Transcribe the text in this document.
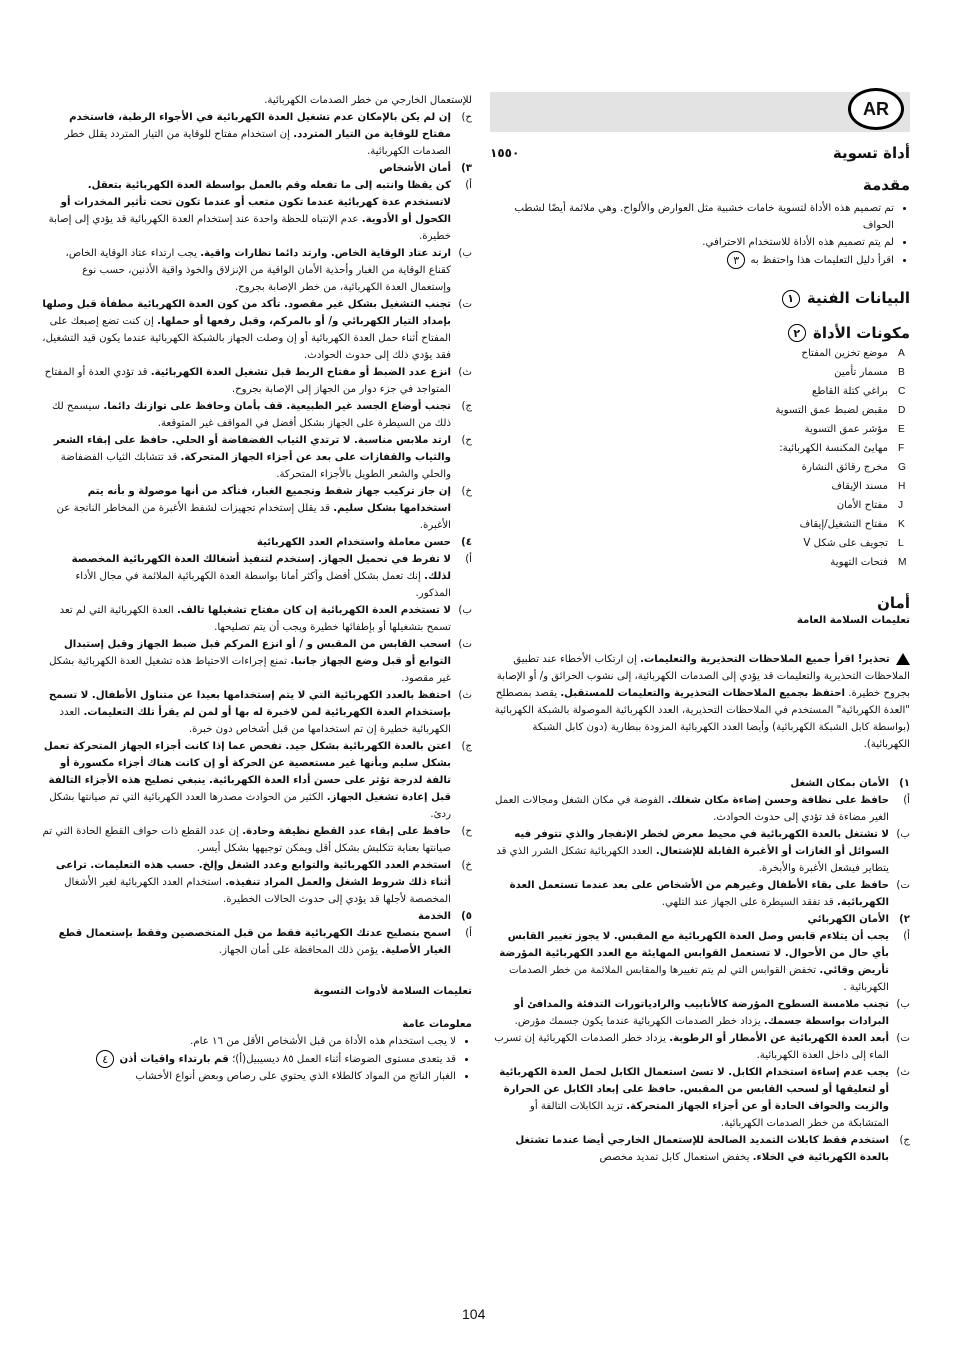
AR
أداة تسوية
١٥٥٠
مقدمة
• تم تصميم هذه الأداة لتسوية خامات خشبية مثل العوارض والألواح. وهي ملائمة أيضًا لشطب الحواف
• لم يتم تصميم هذه الأداة للاستخدام الاحترافي.
• اقرأ دليل التعليمات هذا واحتفظ به ٣
البيانات الفنية ١
مكونات الأداة ٢
A
موضع تخزين المفتاح
B
مسمار تأمين
C
براغي كتلة القاطع
D
مقبض لضبط عمق التسوية
E
مؤشر عمق التسوية
F
مهايئ المكنسة الكهربائية:
G
مخرج رقائق النشارة
H
مسند الإيقاف
J
مفتاح الأمان
K
مفتاح التشغيل/إيقاف
L
تجويف على شكل V
M
فتحات التهوية
أمان
تعليمات السلامة العامة
تحذير! اقرأ جميع الملاحظات التحذيرية والتعليمات. إن ارتكاب الأخطاء عند تطبيق الملاحظات التحذيرية والتعليمات قد يؤدي إلى الصدمات الكهربائية، إلى نشوب الحرائق و/ أو الإصابة بجروح خطيرة. احتفظ بجميع الملاحظات التحذيرية والتعليمات للمستقبل. يقصد بمصطلح "العدة الكهربائية" المستخدم في الملاحظات التحذيرية، العدد الكهربائية الموصولة بالشبكة الكهربائية (بواسطة كابل الشبكة الكهربائية) وأيضا العدد الكهربائية المزودة ببطارية (دون كابل الشبكة الكهربائية).
١)
الأمان بمكان الشغل
أ)
حافظ على نظافة وحسن إضاءة مكان شغلك. الفوضة في مكان الشغل ومجالات العمل الغير مضاءة قد تؤدي إلى حدوث الحوادث.
ب)
لا تشتغل بالعدة الكهربائية في محيط معرض لخطر الإنفجار والذي تتوفر فيه السوائل أو الغازات أو الأغبرة القابلة للإشتعال. العدد الكهربائية تشكل الشرر الذي قد يتطاير فيشعل الأغبرة والأبخرة.
ت)
حافظ على بقاء الأطفال وغيرهم من الأشخاص على بعد عندما تستعمل العدة الكهربائية. قد تفقد السيطرة على الجهاز عند التلهي.
٢)
الأمان الكهربائي
أ)
يجب أن يتلاءم قابس وصل العدة الكهربائية مع المقبس. لا يجوز تغيير القابس بأي حال من الأحوال. لا تستعمل القوابس المهايئة مع العدد الكهربائية المؤرضة تأريض وقائي. تخفض القوابس التي لم يتم تغييرها والمقابس الملائمة من خطر الصدمات الكهربائية .
ب)
تجنب ملامسة السطوح المؤرضة كالأنابيب والرادياتورات التدفئة والمدافئ أو البرادات بواسطة جسمك. يزداد خطر الصدمات الكهربائية عندما يكون جسمك مؤرض.
ت)
أبعد العدة الكهربائية عن الأمطار أو الرطوبة. يزداد خطر الصدمات الكهربائية إن تسرب الماء إلى داخل العدة الكهربائية.
ث)
يجب عدم إساءة استخدام الكابل. لا تسئ استعمال الكابل لحمل العدة الكهربائية أو لتعليقها أو لسحب القابس من المقبس. حافظ على إبعاد الكابل عن الحرارة والزيت والحواف الحادة أو عن أجزاء الجهاز المتحركة. تزيد الكابلات التالفة أو المتشابكة من خطر الصدمات الكهربائية.
ج)
استخدم فقط كابلات التمديد الصالحة للإستعمال الخارجي أيضا عندما تشتغل بالعدة الكهربائية في الخلاء. يخفض استعمال كابل تمديد مخصص
للإستعمال الخارجي من خطر الصدمات الكهربائية.
ح)
إن لم يكن بالإمكان عدم تشغيل العدة الكهربائية في الأجواء الرطبة، فاستخدم مفتاح للوقاية من التيار المتردد. إن استخدام مفتاح للوقاية من التيار المتردد يقلل خطر الصدمات الكهربائية.
٣)
أمان الأشخاص
أ)
كن يقظا وانتبه إلى ما تفعله وقم بالعمل بواسطة العدة الكهربائية بتعقل. لاتستخدم عدة كهربائية عندما تكون متعب أو عندما تكون تحت تأثير المخدرات أو الكحول أو الأدوية. عدم الإنتباه للحظة واحدة عند إستخدام العدة الكهربائية قد يؤدي إلى إصابة خطيرة.
ب)
ارتد عتاد الوقاية الخاص. وارتد دائما نظارات واقية. يجب ارتداء عتاد الوقاية الخاص، كقناع الوقاية من الغبار وأحذية الأمان الواقية من الإنزلاق والخوذ واقية الأذنين، حسب نوع وإستعمال العدة الكهربائية، من خطر الإصابة بجروح.
ت)
تجنب التشغيل بشكل غير مقصود. تأكد من كون العدة الكهربائية مطفأة قبل وصلها بإمداد التيار الكهربائي و/ أو بالمركم، وقبل رفعها أو حملها. إن كنت تضع إصبعك على المفتاح أثناء حمل العدة الكهربائية أو إن وصلت الجهاز بالشبكة الكهربائية عندما يكون قيد التشغيل، فقد يؤدي ذلك إلى حدوث الحوادث.
ث)
انزع عدد الضبط أو مفتاح الربط قبل تشغيل العدة الكهربائية. قد تؤدي العدة أو المفتاح المتواجد في جزء دوار من الجهاز إلى الإصابة بجروح.
ج)
تجنب أوضاع الجسد غير الطبيعية. قف بأمان وحافظ على توازنك دائما. سيسمح لك ذلك من السيطرة على الجهاز بشكل أفضل في المواقف غير المتوقعة.
ح)
ارتد ملابس مناسبة. لا ترتدي الثياب الفضفاضة أو الحلي. حافظ على إبقاء الشعر والثياب والقفازات على بعد عن أجزاء الجهاز المتحركة. قد تتشابك الثياب الفضفاضة والحلي والشعر الطويل بالأجزاء المتحركة.
خ)
إن جاز تركيب جهاز شفط وتجميع الغبار، فتأكد من أنها موصولة و بأنه يتم استخدامها بشكل سليم. قد يقلل إستخدام تجهيزات لشفط الأغبرة من المخاطر الناتجة عن الأغبرة.
٤)
حسن معاملة واستخدام العدد الكهربائية
أ)
لا تفرط في تحميل الجهاز. إستخدم لتنفيذ أشغالك العدة الكهربائية المخصصة لذلك. إنك تعمل بشكل أفضل وأكثر أمانا بواسطة العدة الكهربائية الملائمة في مجال الأداء المذكور.
ب)
لا تستخدم العدة الكهربائية إن كان مفتاح تشغيلها تالف. العدة الكهربائية التي لم تعد تسمح بتشغيلها أو بإطفائها خطيرة ويجب أن يتم تصليحها.
ت)
اسحب القابس من المقبس و / أو انزع المركم قبل ضبط الجهاز وقبل إستبدال التوابع أو قبل وضع الجهاز جانبا. تمنع إجراءات الاحتياط هذه تشغيل العدة الكهربائية بشكل غير مقصود.
ث)
احتفظ بالعدد الكهربائية التي لا يتم إستخدامها بعيدا عن متناول الأطفال. لا تسمح بإستخدام العدة الكهربائية لمن لاخبرة له بها أو لمن لم يقرأ تلك التعليمات. العدد الكهربائية خطيرة إن تم استخدامها من قبل أشخاص دون خبرة.
ج)
اعتن بالعدة الكهربائية بشكل جيد. تفحص عما إذا كانت أجزاء الجهاز المتحركة تعمل بشكل سليم وبأنها غير مستعصية عن الحركة أو إن كانت هناك أجزاء مكسورة أو تالفة لدرجة تؤثر على حسن أداء العدة الكهربائية. ينبغي تصليح هذه الأجزاء التالفة قبل إعادة تشغيل الجهاز. الكثير من الحوادث مصدرها العدد الكهربائية التي تم صيانتها بشكل ردئ.
ح)
حافظ على إبقاء عدد القطع نظيفة وحادة. إن عدد القطع ذات حواف القطع الحادة التي تم صيانتها بعناية تتكلبش بشكل أقل ويمكن توجيهها بشكل أيسر.
خ)
استخدم العدد الكهربائية والتوابع وعدد الشغل وإلخ. حسب هذه التعليمات. تراعى أثناء ذلك شروط الشغل والعمل المراد تنفيذه. استخدام العدد الكهربائية لغير الأشغال المخصصة لأجلها قد يؤدي إلى حدوث الحالات الخطيرة.
٥)
الخدمة
أ)
اسمح بتصليح عدتك الكهربائية فقط من قبل المتخصصين وفقط بإستعمال قطع الغيار الأصلية. يؤمن ذلك المحافظة على أمان الجهاز.
تعليمات السلامة لأدوات التسوية
معلومات عامة
• لا يجب استخدام هذه الأداة من قبل الأشخاص الأقل من ١٦ عام.
• قد يتعدى مستوى الضوضاء أثناء العمل ٨٥ ديسيبيل(أ)؛ قم بارتداء واقيات أذن ٤
• الغبار الناتج من المواد كالطلاء الذي يحتوي على رصاص وبعض أنواع الأخشاب
104
